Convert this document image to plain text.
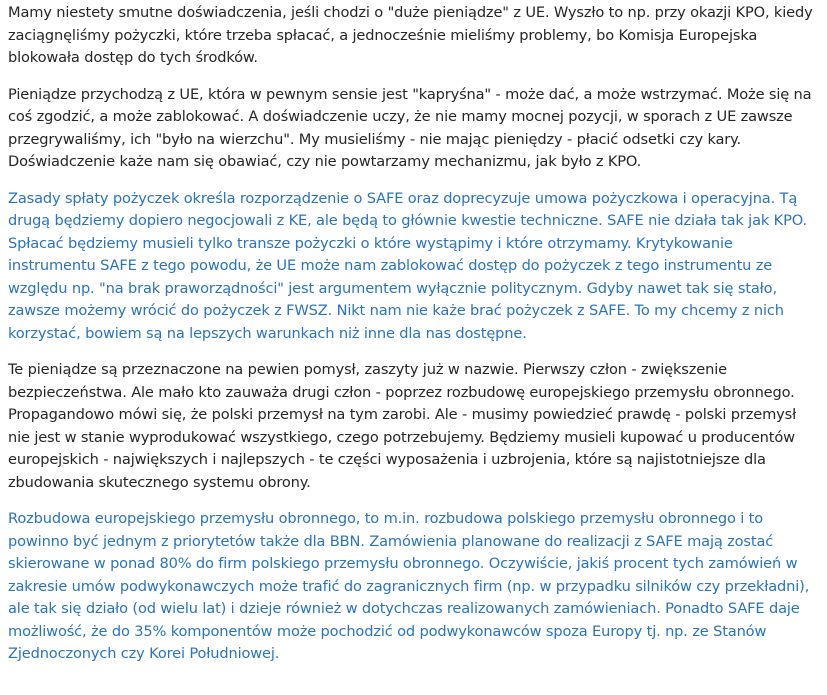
Mamy niestety smutne doświadczenia, jeśli chodzi o "duże pieniądze" z UE. Wyszło to np. przy okazji KPO, kiedy zaciągnęliśmy pożyczki, które trzeba spłacać, a jednocześnie mieliśmy problemy, bo Komisja Europejska blokowała dostęp do tych środków.

Pieniądze przychodzą z UE, która w pewnym sensie jest "kapryśna" - może dać, a może wstrzymać. Może się na coś zgodzić, a może zablokować. A doświadczenie uczy, że nie mamy mocnej pozycji, w sporach z UE zawsze przegrywaliśmy, ich "było na wierzchu". My musieliśmy - nie mając pieniędzy - płacić odsetki czy kary. Doświadczenie każe nam się obawiać, czy nie powtarzamy mechanizmu, jak było z KPO.

Zasady spłaty pożyczek określa rozporządzenie o SAFE oraz doprecyzuje umowa pożyczkowa i operacyjna. Tą drugą będziemy dopiero negocjowali z KE, ale będą to głównie kwestie techniczne. SAFE nie działa tak jak KPO. Spłacać będziemy musieli tylko transze pożyczki o które wystąpimy i które otrzymamy. Krytykowanie instrumentu SAFE z tego powodu, że UE może nam zablokować dostęp do pożyczek z tego instrumentu ze względu np. "na brak praworządności" jest argumentem wyłącznie politycznym. Gdyby nawet tak się stało, zawsze możemy wrócić do pożyczek z FWSZ. Nikt nam nie każe brać pożyczek z SAFE. To my chcemy z nich korzystać, bowiem są na lepszych warunkach niż inne dla nas dostępne.

Te pieniądze są przeznaczone na pewien pomysł, zaszyty już w nazwie. Pierwszy człon - zwiększenie bezpieczeństwa. Ale mało kto zauważa drugi człon - poprzez rozbudowę europejskiego przemysłu obronnego. Propagandowo mówi się, że polski przemysł na tym zarobi. Ale - musimy powiedzieć prawdę - polski przemysł nie jest w stanie wyprodukować wszystkiego, czego potrzebujemy. Będziemy musieli kupować u producentów europejskich - największych i najlepszych - te części wyposażenia i uzbrojenia, które są najistotniejsze dla zbudowania skutecznego systemu obrony.

Rozbudowa europejskiego przemysłu obronnego, to m.in. rozbudowa polskiego przemysłu obronnego i to powinno być jednym z priorytetów także dla BBN. Zamówienia planowane do realizacji z SAFE mają zostać skierowane w ponad 80% do firm polskiego przemysłu obronnego. Oczywiście, jakiś procent tych zamówień w zakresie umów podwykonawczych może trafić do zagranicznych firm (np. w przypadku silników czy przekładni), ale tak się działo (od wielu lat) i dzieje również w dotychczas realizowanych zamówieniach. Ponadto SAFE daje możliwość, że do 35% komponentów może pochodzić od podwykonawców spoza Europy tj. np. ze Stanów Zjednoczonych czy Korei Południowej.
